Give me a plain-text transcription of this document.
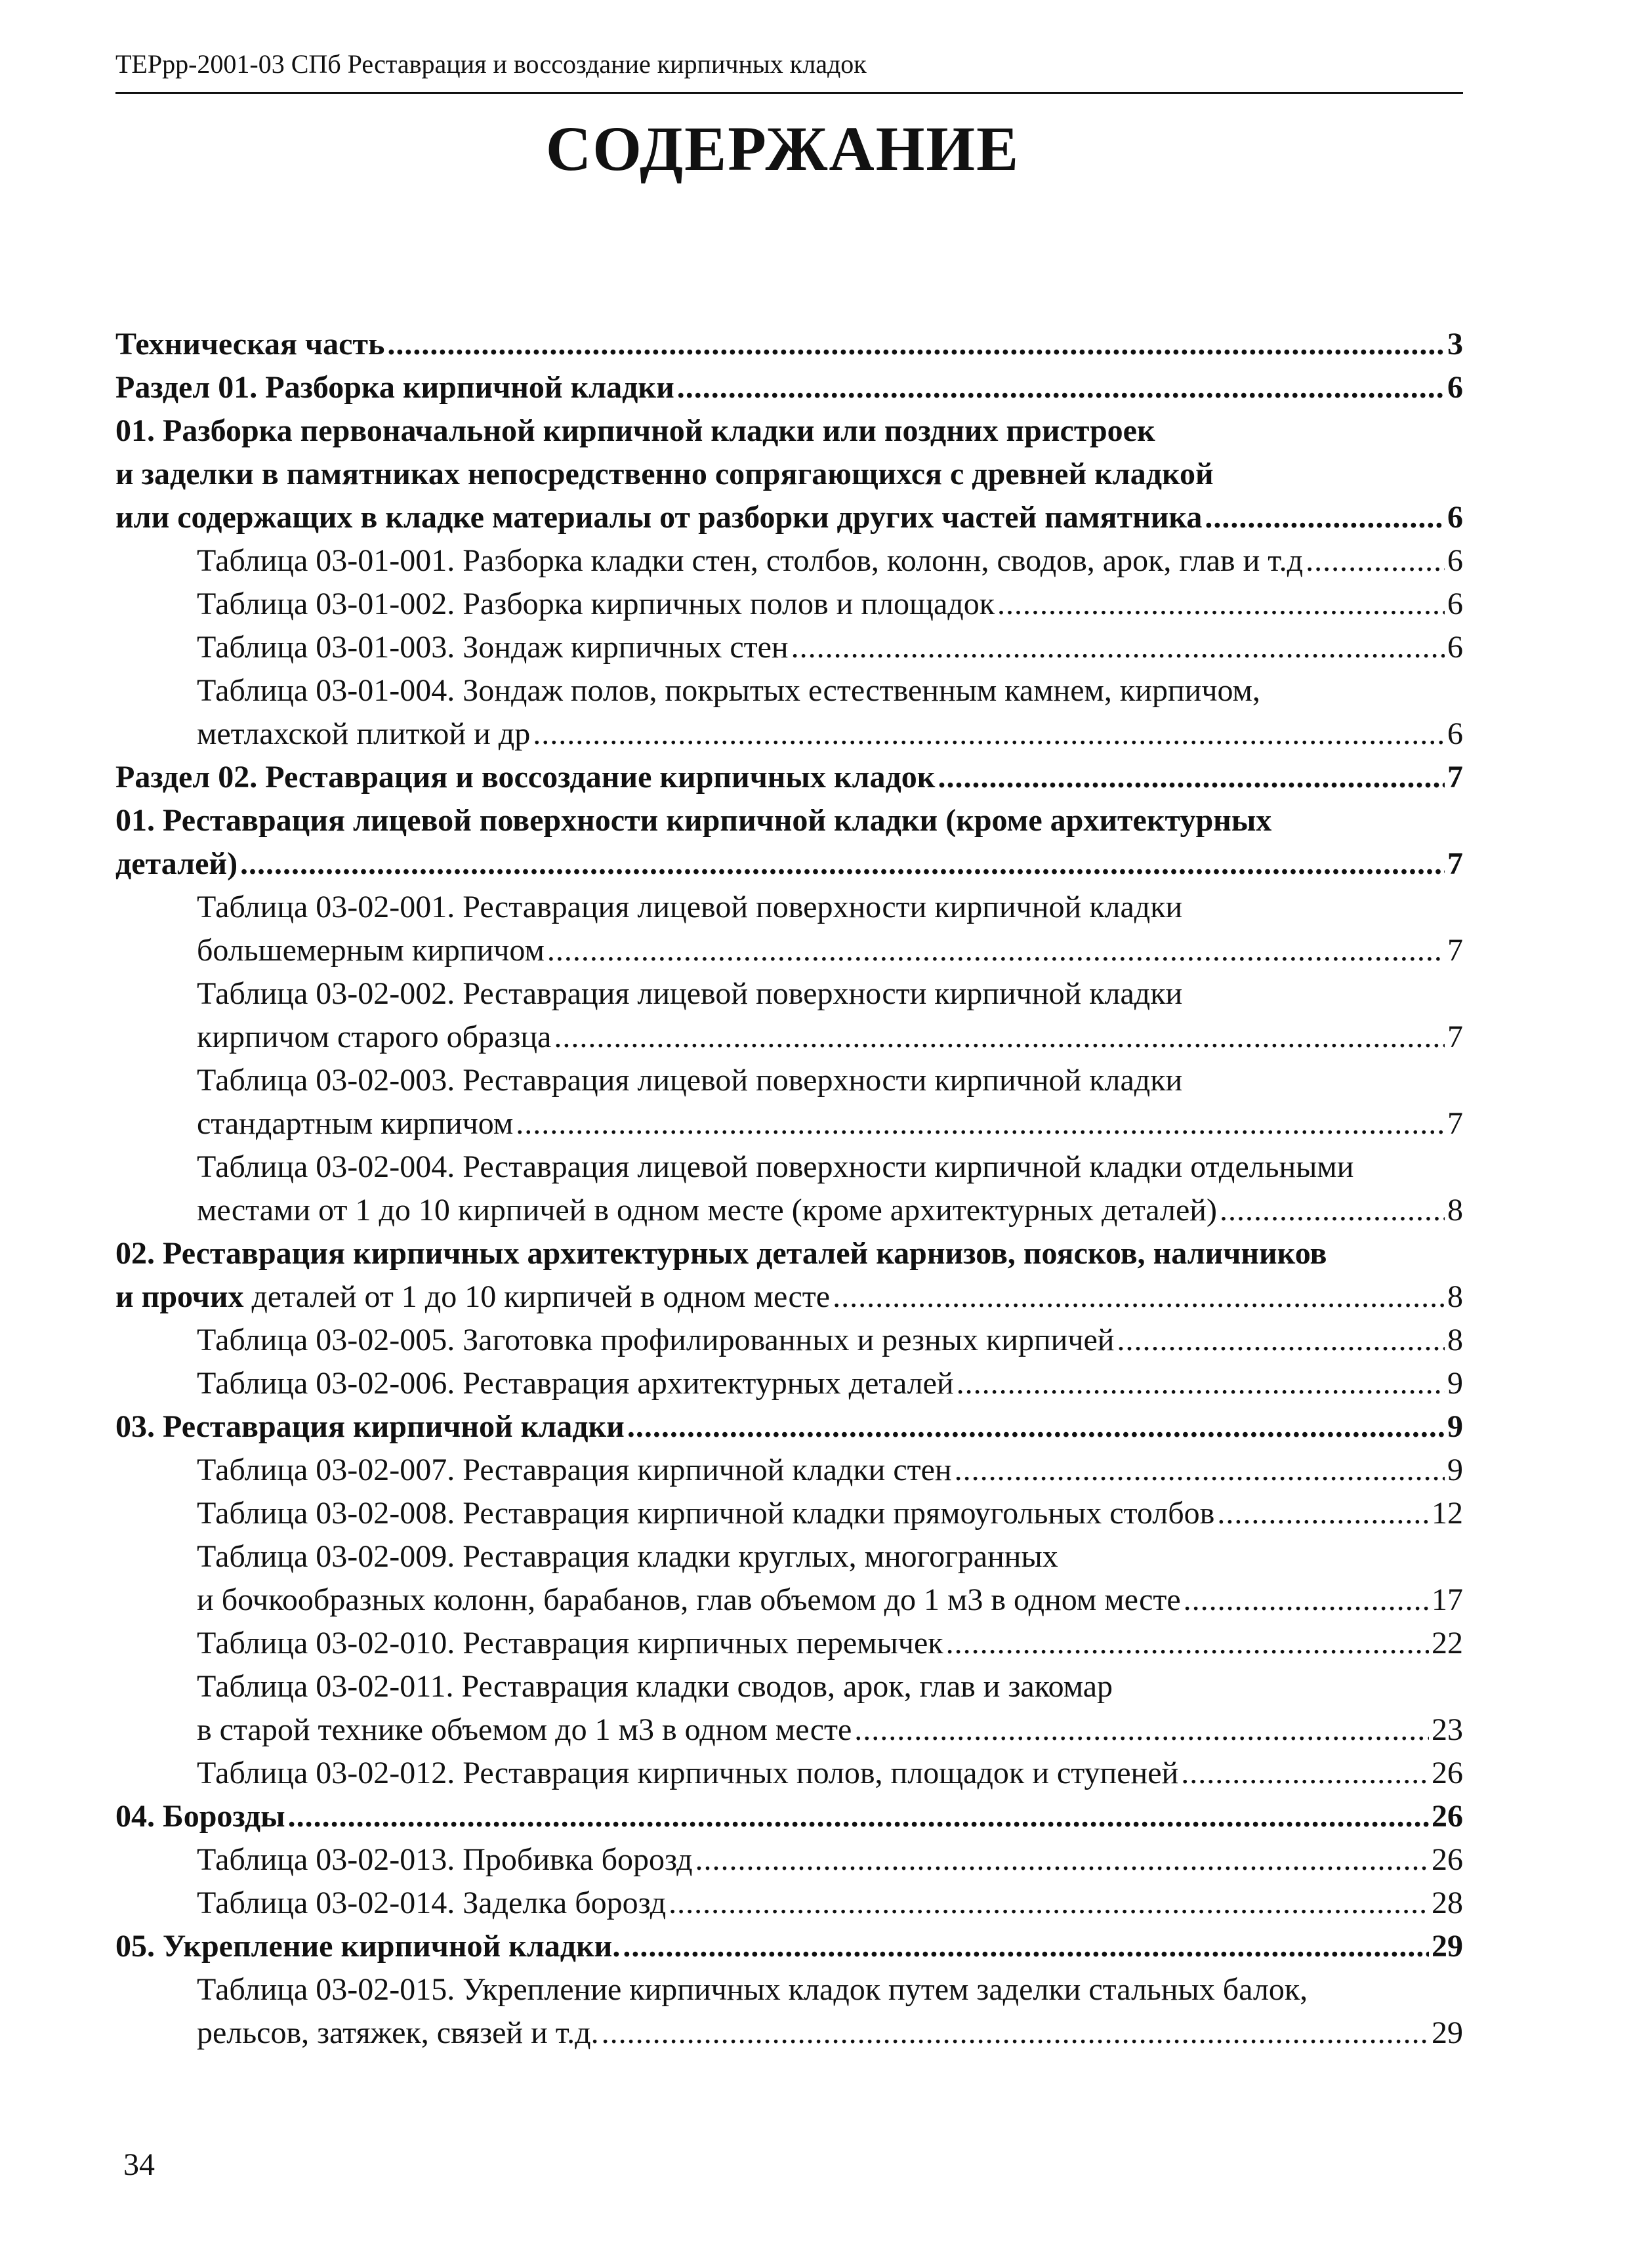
ТЕРрр-2001-03 СПб Реставрация и воссоздание кирпичных кладок
СОДЕРЖАНИЕ
Техническая часть .....	3
Раздел 01. Разборка кирпичной кладки .....	6
01. Разборка первоначальной кирпичной кладки или поздних пристроек
и заделки в памятниках непосредственно сопрягающихся с древней кладкой
или содержащих в кладке материалы от разборки других частей памятника .....	6
Таблица 03-01-001. Разборка кладки стен, столбов, колонн, сводов, арок, глав и т.д .....	6
Таблица 03-01-002. Разборка кирпичных полов и площадок .....	6
Таблица 03-01-003. Зондаж кирпичных стен .....	6
Таблица 03-01-004. Зондаж полов, покрытых естественным камнем, кирпичом,
метлахской плиткой и др .....	6
Раздел 02. Реставрация и воссоздание кирпичных кладок .....	7
01. Реставрация лицевой поверхности кирпичной кладки (кроме архитектурных
деталей) .....	7
Таблица 03-02-001. Реставрация лицевой поверхности кирпичной кладки
большемерным кирпичом .....	7
Таблица 03-02-002. Реставрация лицевой поверхности кирпичной кладки
кирпичом старого образца .....	7
Таблица 03-02-003. Реставрация лицевой поверхности кирпичной кладки
стандартным кирпичом .....	7
Таблица 03-02-004. Реставрация лицевой поверхности кирпичной кладки отдельными
местами от 1 до 10 кирпичей в одном месте (кроме архитектурных деталей) .....	8
02. Реставрация кирпичных архитектурных деталей карнизов, поясков, наличников
и прочих деталей от 1 до 10 кирпичей в одном месте .....	8
Таблица 03-02-005. Заготовка профилированных и резных кирпичей .....	8
Таблица 03-02-006. Реставрация архитектурных деталей .....	9
03. Реставрация кирпичной кладки .....	9
Таблица 03-02-007. Реставрация кирпичной кладки стен .....	9
Таблица 03-02-008. Реставрация кирпичной кладки прямоугольных столбов .....	12
Таблица 03-02-009. Реставрация кладки круглых, многогранных
и бочкообразных колонн, барабанов, глав объемом до 1 м3 в одном месте .....	17
Таблица 03-02-010. Реставрация кирпичных перемычек .....	22
Таблица 03-02-011. Реставрация кладки сводов, арок, глав и закомар
в старой технике объемом до 1 м3 в одном месте .....	23
Таблица 03-02-012. Реставрация кирпичных полов, площадок и ступеней .....	26
04. Борозды .....	26
Таблица 03-02-013. Пробивка борозд .....	26
Таблица 03-02-014. Заделка борозд .....	28
05. Укрепление кирпичной кладки. .....	29
Таблица 03-02-015. Укрепление кирпичных кладок путем заделки стальных балок,
рельсов, затяжек, связей и т.д. .....	29
34
